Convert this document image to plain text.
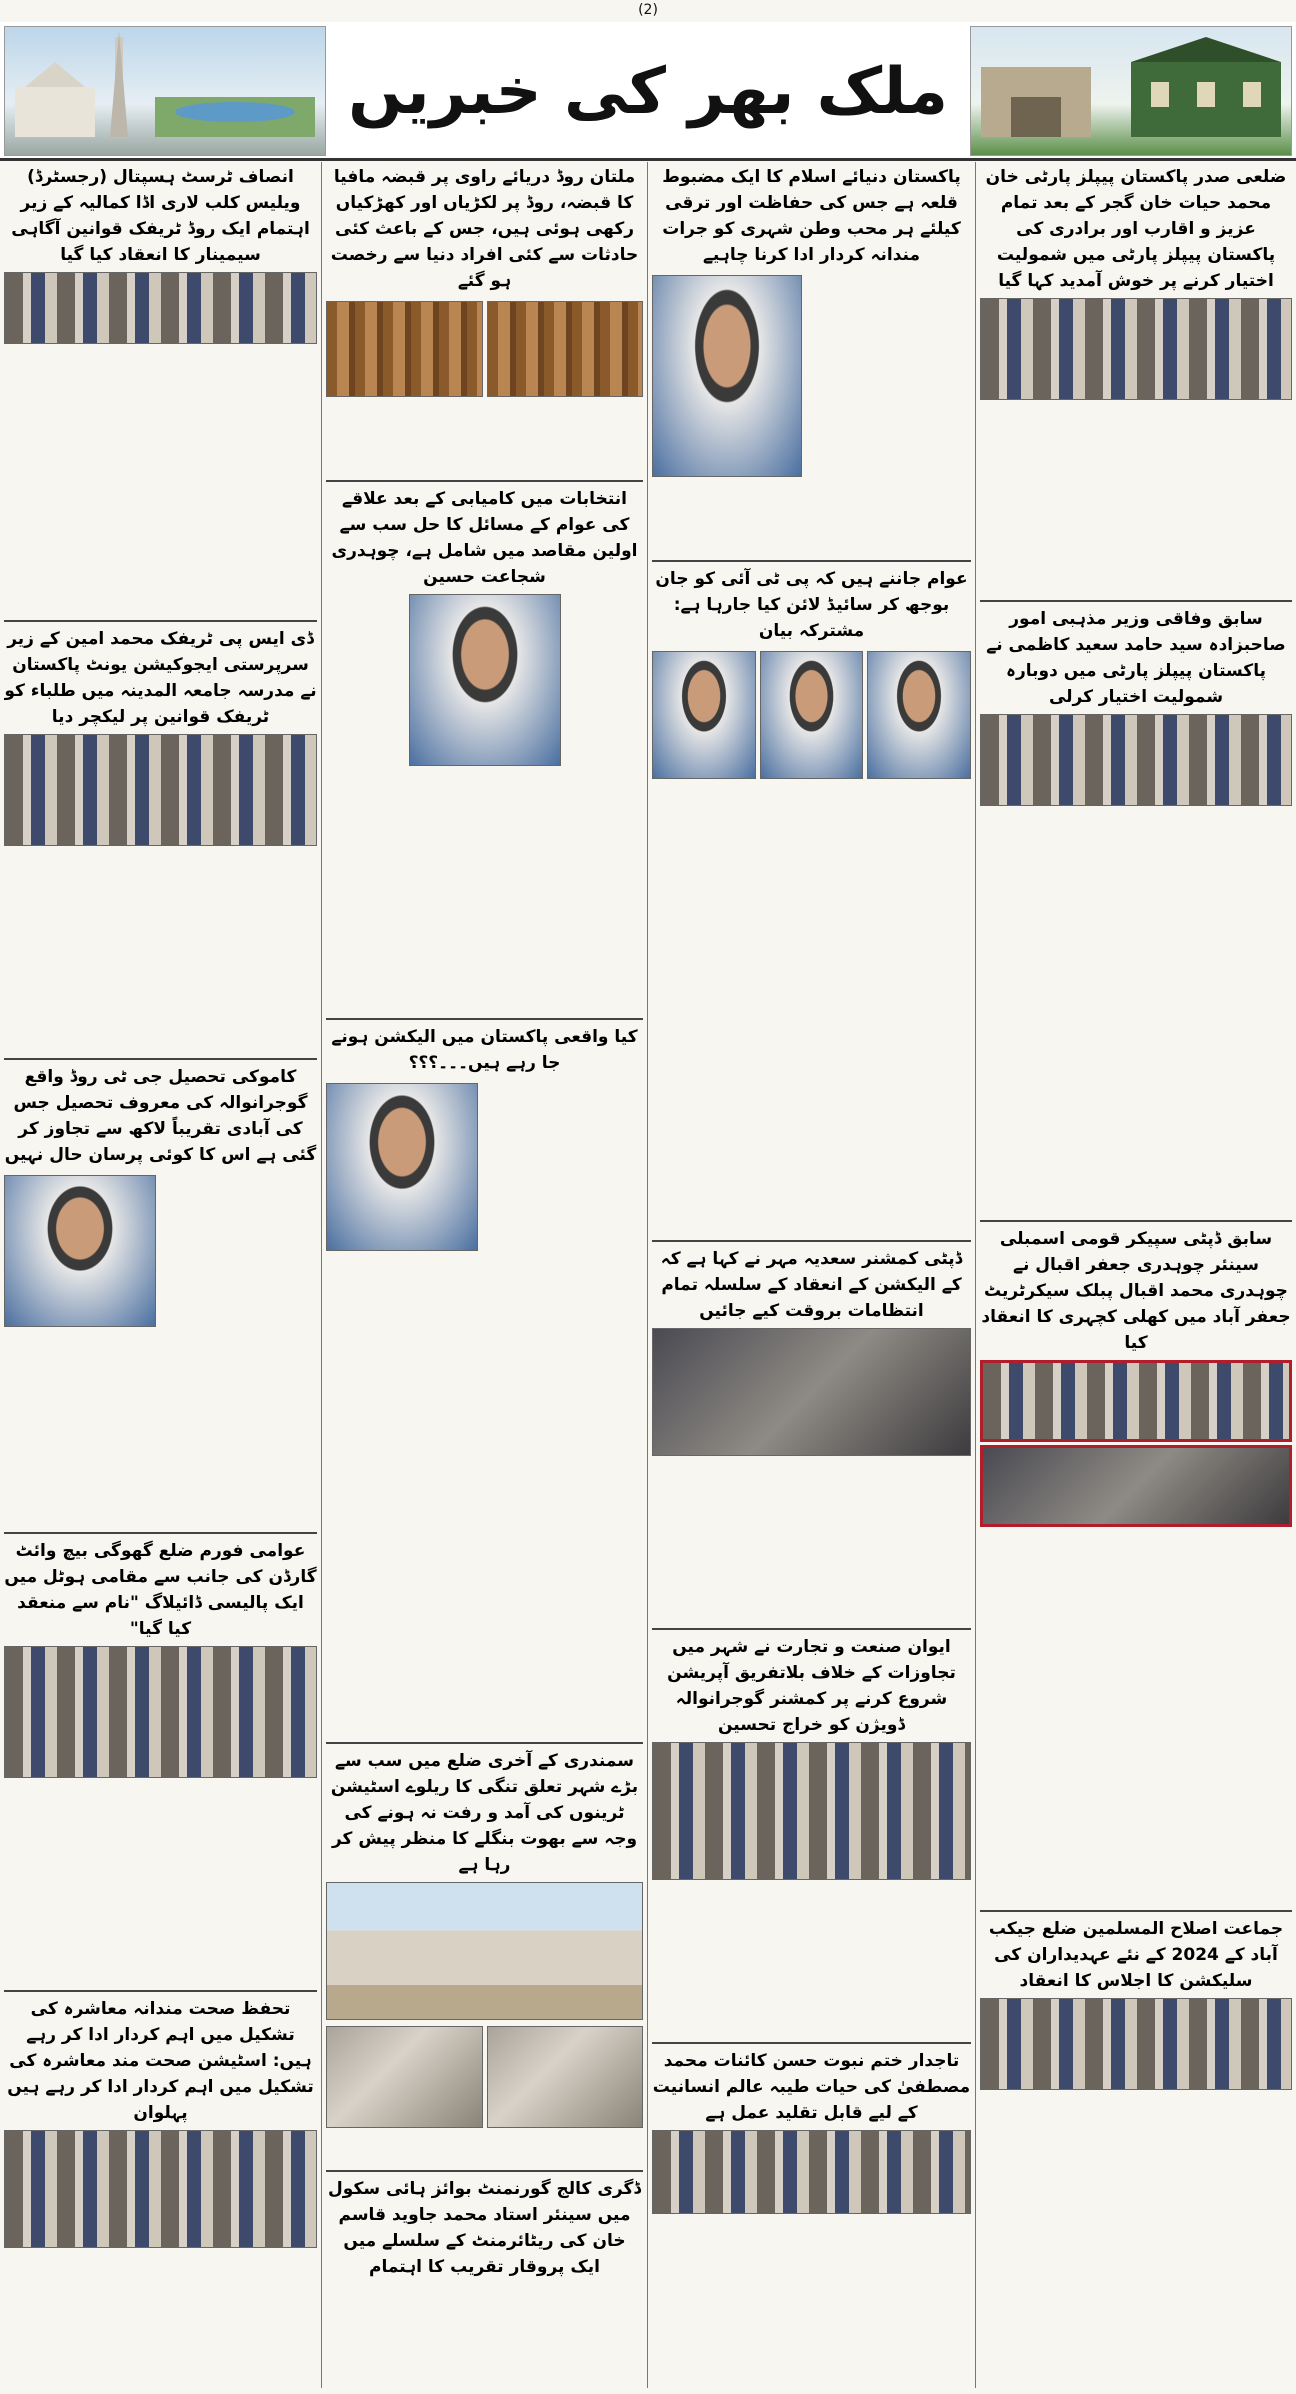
(2)
ملک بھر کی خبریں
ضلعی صدر پاکستان پیپلز پارٹی خان محمد حیات خان گجر کے بعد تمام عزیز و اقارب اور برادری کی پاکستان پیپلز پارٹی میں شمولیت اختیار کرنے پر خوش آمدید کہا گیا
سابق وفاقی وزیر مذہبی امور صاحبزادہ سید حامد سعید کاظمی نے پاکستان پیپلز پارٹی میں دوبارہ شمولیت اختیار کرلی
سابق ڈپٹی سپیکر قومی اسمبلی سینئر چوہدری جعفر اقبال نے چوہدری محمد اقبال پبلک سیکرٹریٹ جعفر آباد میں کھلی کچہری کا انعقاد کیا
جماعت اصلاح المسلمین ضلع جیکب آباد کے 2024 کے نئے عہدیداران کی سلیکشن کا اجلاس کا انعقاد
پاکستان دنیائے اسلام کا ایک مضبوط قلعہ ہے جس کی حفاظت اور ترقی کیلئے ہر محب وطن شہری کو جرات مندانہ کردار ادا کرنا چاہیے
عوام جاننے ہیں کہ پی ٹی آئی کو جان بوجھ کر سائیڈ لائن کیا جارہا ہے: مشترکہ بیان
ڈپٹی کمشنر سعدیہ مہر نے کہا ہے کہ کے الیکشن کے انعقاد کے سلسلہ تمام انتظامات بروقت کیے جائیں
ایوان صنعت و تجارت نے شہر میں تجاوزات کے خلاف بلاتفریق آپریشن شروع کرنے پر کمشنر گوجرانوالہ ڈویژن کو خراج تحسین
تاجدار ختم نبوت حسن کائنات محمد مصطفیٰ کی حیات طیبہ عالم انسانیت کے لیے قابل تقلید عمل ہے
ملتان روڈ دریائے راوی پر قبضہ مافیا کا قبضہ، روڈ پر لکڑیاں اور کھڑکیاں رکھی ہوئی ہیں، جس کے باعث کئی حادثات سے کئی افراد دنیا سے رخصت ہو گئے
انتخابات میں کامیابی کے بعد علاقے کی عوام کے مسائل کا حل سب سے اولین مقاصد میں شامل ہے، چوہدری شجاعت حسین
کیا واقعی پاکستان میں الیکشن ہونے جا رہے ہیں۔۔۔؟؟؟
سمندری کے آخری ضلع میں سب سے بڑے شہر تعلق تنگی کا ریلوے اسٹیشن ٹرینوں کی آمد و رفت نہ ہونے کی وجہ سے بھوت بنگلے کا منظر پیش کر رہا ہے
ڈگری کالج گورنمنٹ بوائز ہائی سکول میں سینئر استاد محمد جاوید قاسم خان کی ریٹائرمنٹ کے سلسلے میں ایک پروقار تقریب کا اہتمام
انصاف ٹرسٹ ہسپتال (رجسٹرڈ) ویلیس کلب لاری اڈا کمالیہ کے زیر اہتمام ایک روڈ ٹریفک قوانین آگاہی سیمینار کا انعقاد کیا گیا
ڈی ایس پی ٹریفک محمد امین کے زیر سرپرستی ایجوکیشن یونٹ پاکستان نے مدرسہ جامعہ المدینہ میں طلباء کو ٹریفک قوانین پر لیکچر دیا
کاموکی تحصیل جی ٹی روڈ واقع گوجرانوالہ کی معروف تحصیل جس کی آبادی تقریباً لاکھ سے تجاوز کر گئی ہے اس کا کوئی پرسان حال نہیں
عوامی فورم ضلع گھوگی بیچ وائٹ گارڈن کی جانب سے مقامی ہوٹل میں ایک پالیسی ڈائیلاگ "نام سے منعقد کیا گیا"
تحفظ صحت مندانہ معاشرہ کی تشکیل میں اہم کردار ادا کر رہے ہیں: اسٹیشن صحت مند معاشرہ کی تشکیل میں اہم کردار ادا کر رہے ہیں پہلوان
